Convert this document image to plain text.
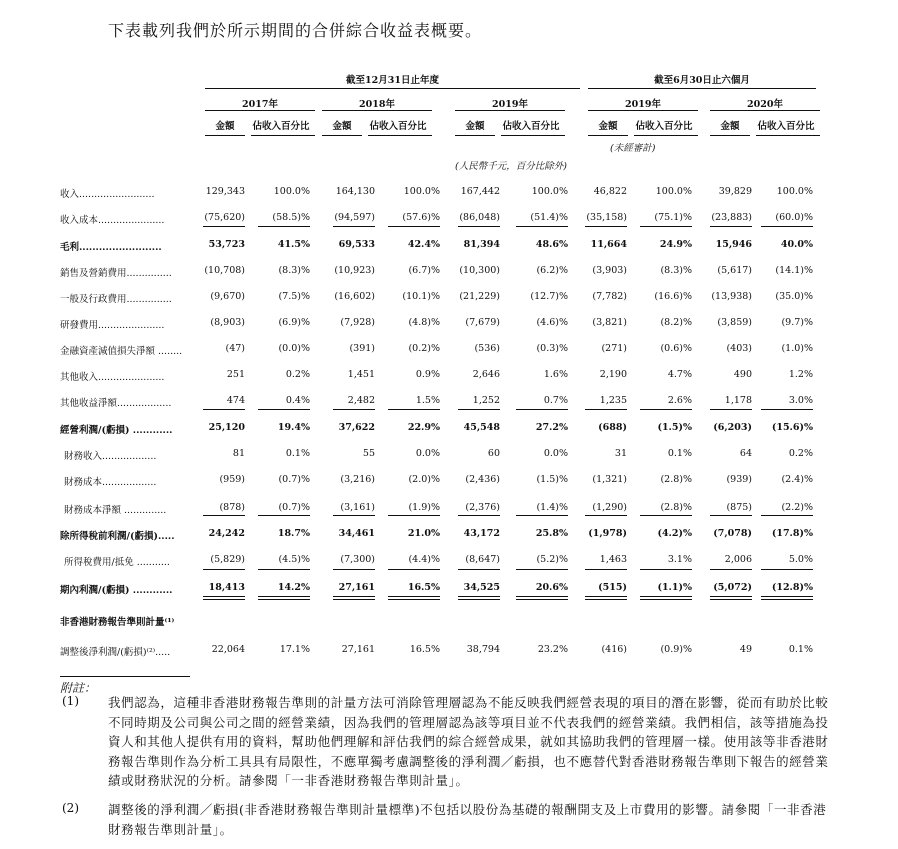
下表載列我們於所示期間的合併綜合收益表概要。
截至12月31日止年度	截至6月30日止六個月
2017年
金額	佔收入百分比
2018年
金額	佔收入百分比
2019年
金額	佔收入百分比
2019年
金額	佔收入百分比
2020年
金額	佔收入百分比
(人民幣千元，百分比除外)
(未經審計)
收入.........................	129,343	100.0%	164,130	100.0% 167,442	100.0%	46,822	100.0%	39,829	100.0%
收入成本......................	(75,620)	(58.5)%	(94,597)	(57.6)% (86,048)	(51.4)% (35,158)	(75.1)% (23,883) (60.0)%
毛利.........................	53,723	41.5%	69,533	42.4% 81,394	48.6% 11,664	24.9% 15,946	40.0%
銷售及營銷費用...............	(10,708)	(8.3)%	(10,923)	(6.7)% (10,300)	(6.2)%	(3,903)	(8.3)%	(5,617) (14.1)%
一般及行政費用...............	(9,670)	(7.5)%	(16,602)	(10.1)% (21,229)	(12.7)%	(7,782)	(16.6)% (13,938) (35.0)%
研發費用......................	(8,903)	(6.9)%	(7,928)	(4.8)%	(7,679)	(4.6)%	(3,821)	(8.2)%	(3,859)	(9.7)%
金融資產減值損失淨額 ........	(47)	(0.0)%	(391)	(0.2)%	(536)	(0.3)%	(271)	(0.6)%	(403)	(1.0)%
其他收入......................	251	0.2%	1,451	0.9%	2,646	1.6%	2,190	4.7%	490	1.2%
其他收益淨額..................	474	0.4%	2,482	1.5%	1,252	0.7%	1,235	2.6%	1,178	3.0%
經營利潤/(虧損) ............	25,120	19.4%	37,622	22.9% 45,548	27.2%	(688)	(1.5)% (6,203) (15.6)%
財務收入..................	81	0.1%	55	0.0%	60	0.0%	31	0.1%	64	0.2%
財務成本..................	(959)	(0.7)%	(3,216)	(2.0)%	(2,436)	(1.5)%	(1,321)	(2.8)%	(939)	(2.4)%
財務成本淨額 ..............	(878)	(0.7)%	(3,161)	(1.9)%	(2,376)	(1.4)%	(1,290)	(2.8)%	(875)	(2.2)%
除所得稅前利潤/(虧損).....	24,242	18.7%	34,461	21.0% 43,172	25.8% (1,978)	(4.2)% (7,078) (17.8)%
所得稅費用/抵免 ...........	(5,829)	(4.5)%	(7,300)	(4.4)%	(8,647)	(5.2)%	1,463	3.1%	2,006	5.0%
期內利潤/(虧損) ............	18,413	14.2%	27,161	16.5% 34,525	20.6%	(515)	(1.1)% (5,072) (12.8)%
非香港財務報告準則計量⁽¹⁾
調整後淨利潤/(虧損)⁽²⁾.....	22,064	17.1%	27,161	16.5%	38,794	23.2%	(416)	(0.9)%	49	0.1%
附註：
(1) 我們認為，這種非香港財務報告準則的計量方法可消除管理層認為不能反映我們經營表現的項目的潛在影響，從而有助於比較不同時期及公司與公司之間的經營業績，因為我們的管理層認為該等項目並不代表我們的經營業績。我們相信，該等措施為投資人和其他人提供有用的資料，幫助他們理解和評估我們的綜合經營成果，就如其協助我們的管理層一樣。使用該等非香港財務報告準則作為分析工具具有局限性，不應單獨考慮調整後的淨利潤／虧損，也不應替代對香港財務報告準則下報告的經營業績或財務狀況的分析。請參閱「一非香港財務報告準則計量」。
(2) 調整後的淨利潤／虧損(非香港財務報告準則計量標準)不包括以股份為基礎的報酬開支及上市費用的影響。請參閱「一非香港財務報告準則計量」。
